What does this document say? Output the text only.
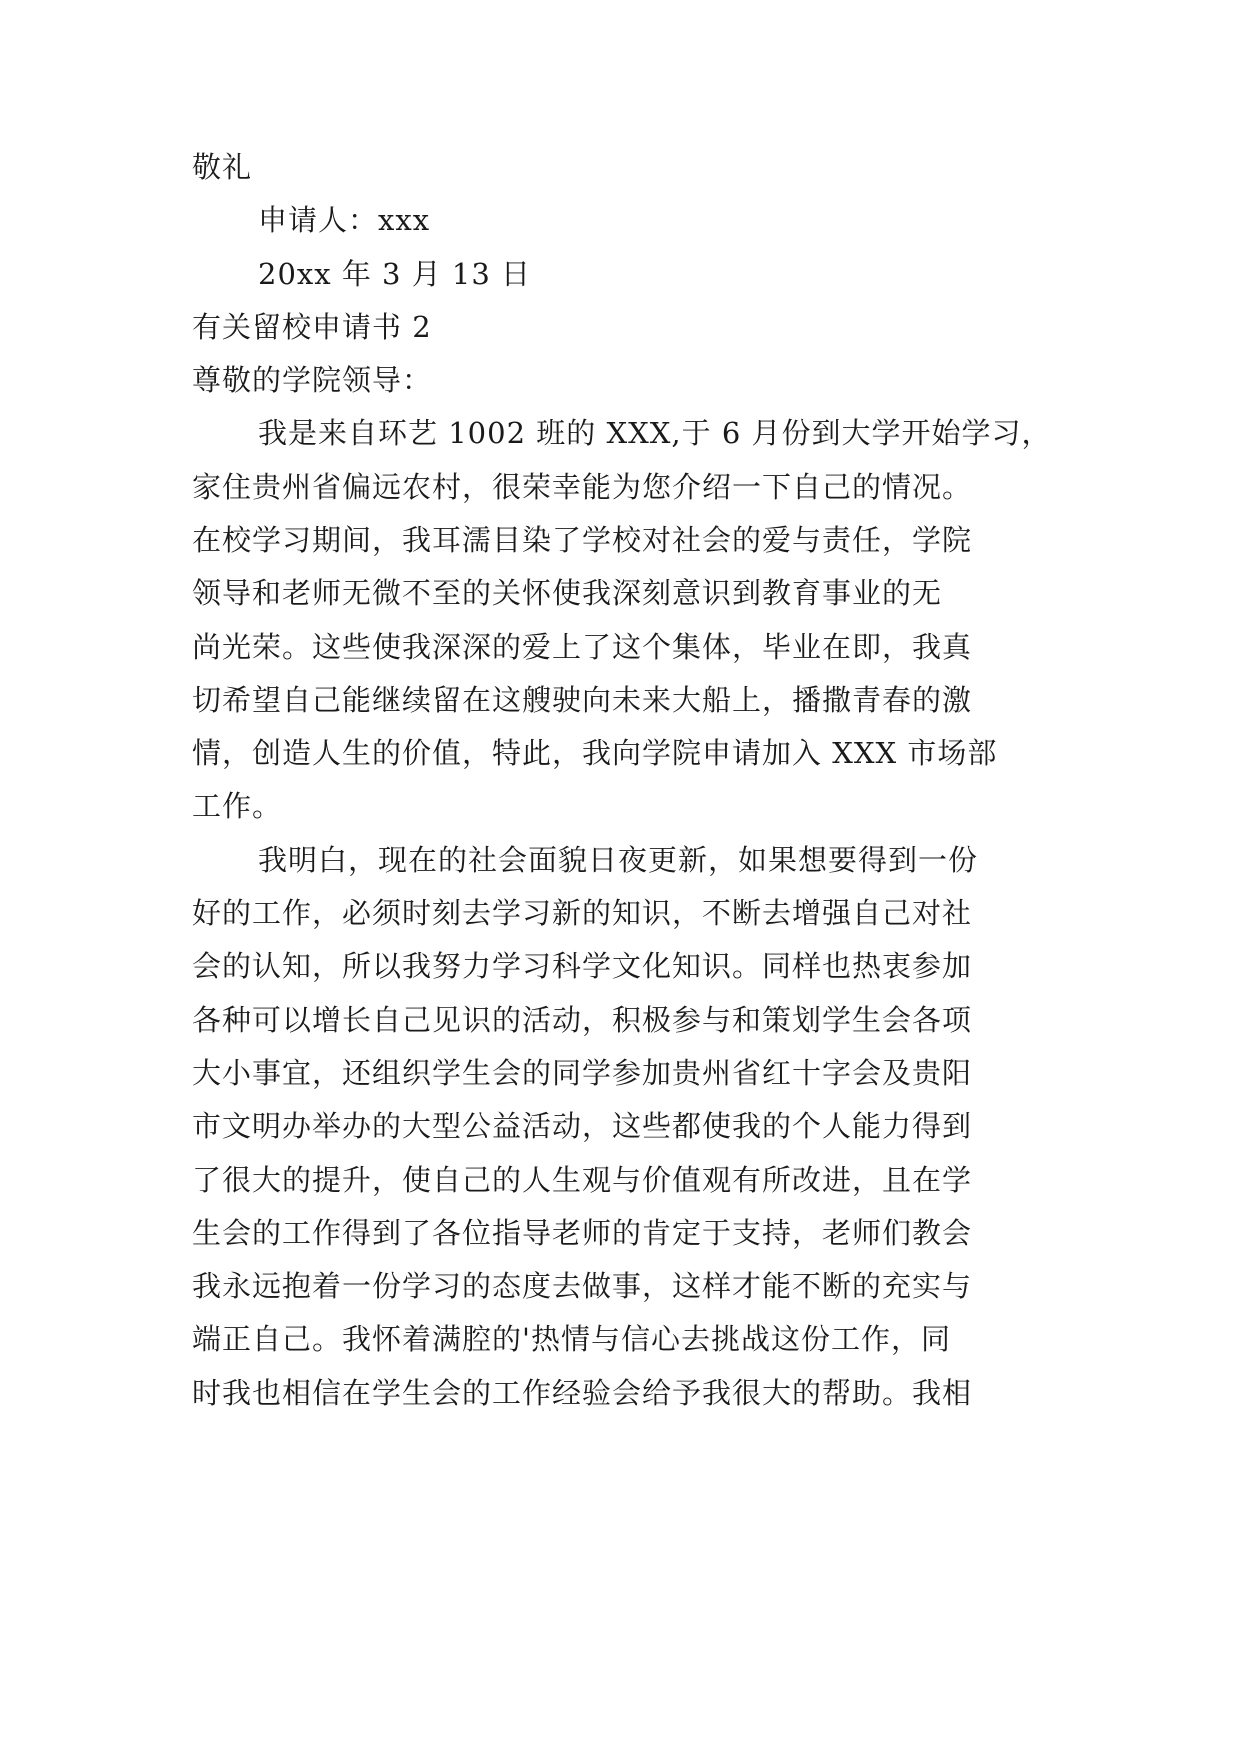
敬礼
申请人：xxx
20xx 年 3 月 13 日
有关留校申请书 2
尊敬的学院领导：
我是来自环艺 1002 班的 XXX,于 6 月份到大学开始学习，
家住贵州省偏远农村，很荣幸能为您介绍一下自己的情况。
在校学习期间，我耳濡目染了学校对社会的爱与责任，学院
领导和老师无微不至的关怀使我深刻意识到教育事业的无
尚光荣。这些使我深深的爱上了这个集体，毕业在即，我真
切希望自己能继续留在这艘驶向未来大船上，播撒青春的激
情，创造人生的价值，特此，我向学院申请加入 XXX 市场部
工作。
我明白，现在的社会面貌日夜更新，如果想要得到一份
好的工作，必须时刻去学习新的知识，不断去增强自己对社
会的认知，所以我努力学习科学文化知识。同样也热衷参加
各种可以增长自己见识的活动，积极参与和策划学生会各项
大小事宜，还组织学生会的同学参加贵州省红十字会及贵阳
市文明办举办的大型公益活动，这些都使我的个人能力得到
了很大的提升，使自己的人生观与价值观有所改进，且在学
生会的工作得到了各位指导老师的肯定于支持，老师们教会
我永远抱着一份学习的态度去做事，这样才能不断的充实与
端正自己。我怀着满腔的'热情与信心去挑战这份工作，同
时我也相信在学生会的工作经验会给予我很大的帮助。我相
